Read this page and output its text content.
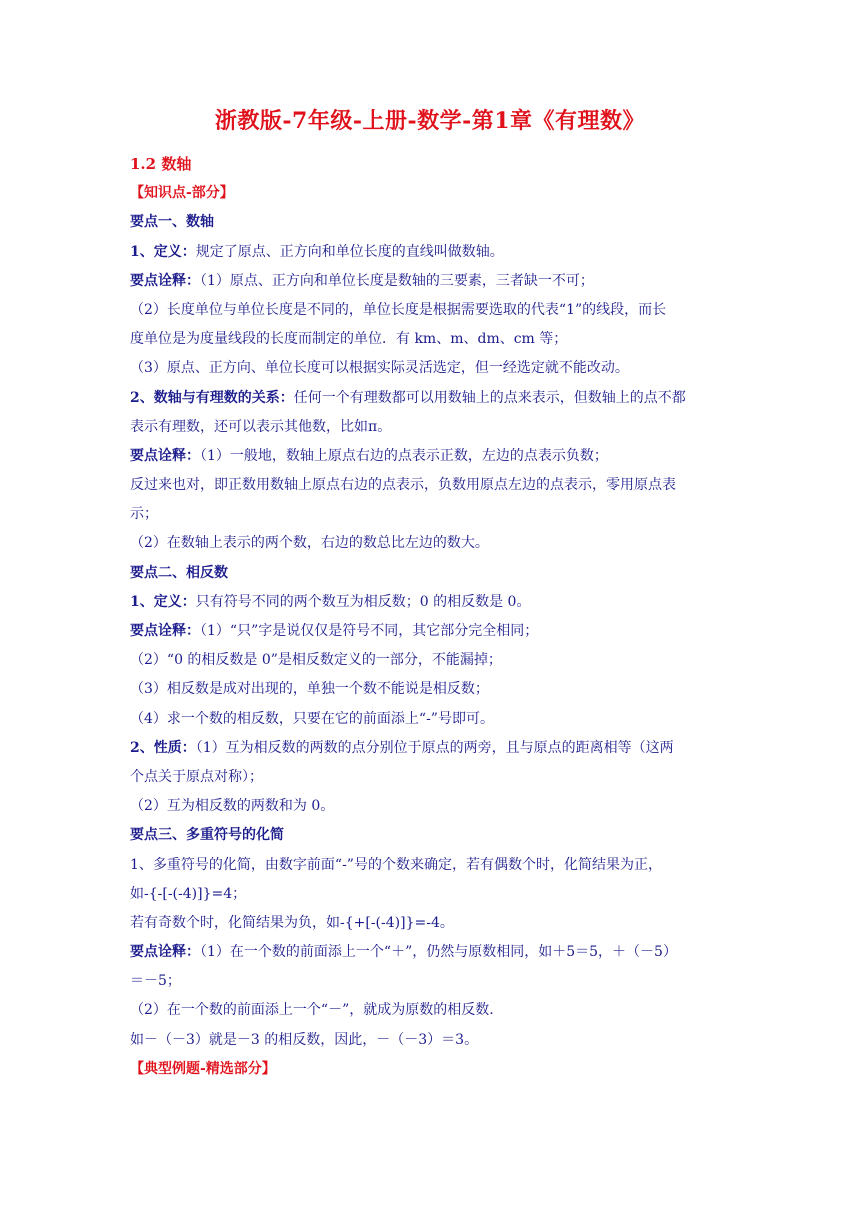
浙教版-7年级-上册-数学-第1章《有理数》
1.2 数轴
【知识点-部分】
要点一、数轴
1、定义：规定了原点、正方向和单位长度的直线叫做数轴。
要点诠释：（1）原点、正方向和单位长度是数轴的三要素，三者缺一不可；
（2）长度单位与单位长度是不同的，单位长度是根据需要选取的代表“1”的线段，而长
度单位是为度量线段的长度而制定的单位．有 km、m、dm、cm 等；
（3）原点、正方向、单位长度可以根据实际灵活选定，但一经选定就不能改动。
2、数轴与有理数的关系：任何一个有理数都可以用数轴上的点来表示，但数轴上的点不都
表示有理数，还可以表示其他数，比如π。
要点诠释：（1）一般地，数轴上原点右边的点表示正数，左边的点表示负数；
反过来也对，即正数用数轴上原点右边的点表示，负数用原点左边的点表示，零用原点表
示；
（2）在数轴上表示的两个数，右边的数总比左边的数大。
要点二、相反数
1、定义：只有符号不同的两个数互为相反数；0 的相反数是 0。
要点诠释：（1）“只”字是说仅仅是符号不同，其它部分完全相同；
（2）“0 的相反数是 0”是相反数定义的一部分，不能漏掉；
（3）相反数是成对出现的，单独一个数不能说是相反数；
（4）求一个数的相反数，只要在它的前面添上“-”号即可。
2、性质：（1）互为相反数的两数的点分别位于原点的两旁，且与原点的距离相等（这两
个点关于原点对称）；
（2）互为相反数的两数和为 0。
要点三、多重符号的化简
1、多重符号的化简，由数字前面“-”号的个数来确定，若有偶数个时，化简结果为正，
如-{-[-(-4)]}=4；
若有奇数个时，化简结果为负，如-{+[-(-4)]}=-4。
要点诠释：（1）在一个数的前面添上一个“＋”，仍然与原数相同，如＋5＝5，＋（－5）
＝－5；
（2）在一个数的前面添上一个“－”，就成为原数的相反数.
如－（－3）就是－3 的相反数，因此，－（－3）＝3。
【典型例题-精选部分】
